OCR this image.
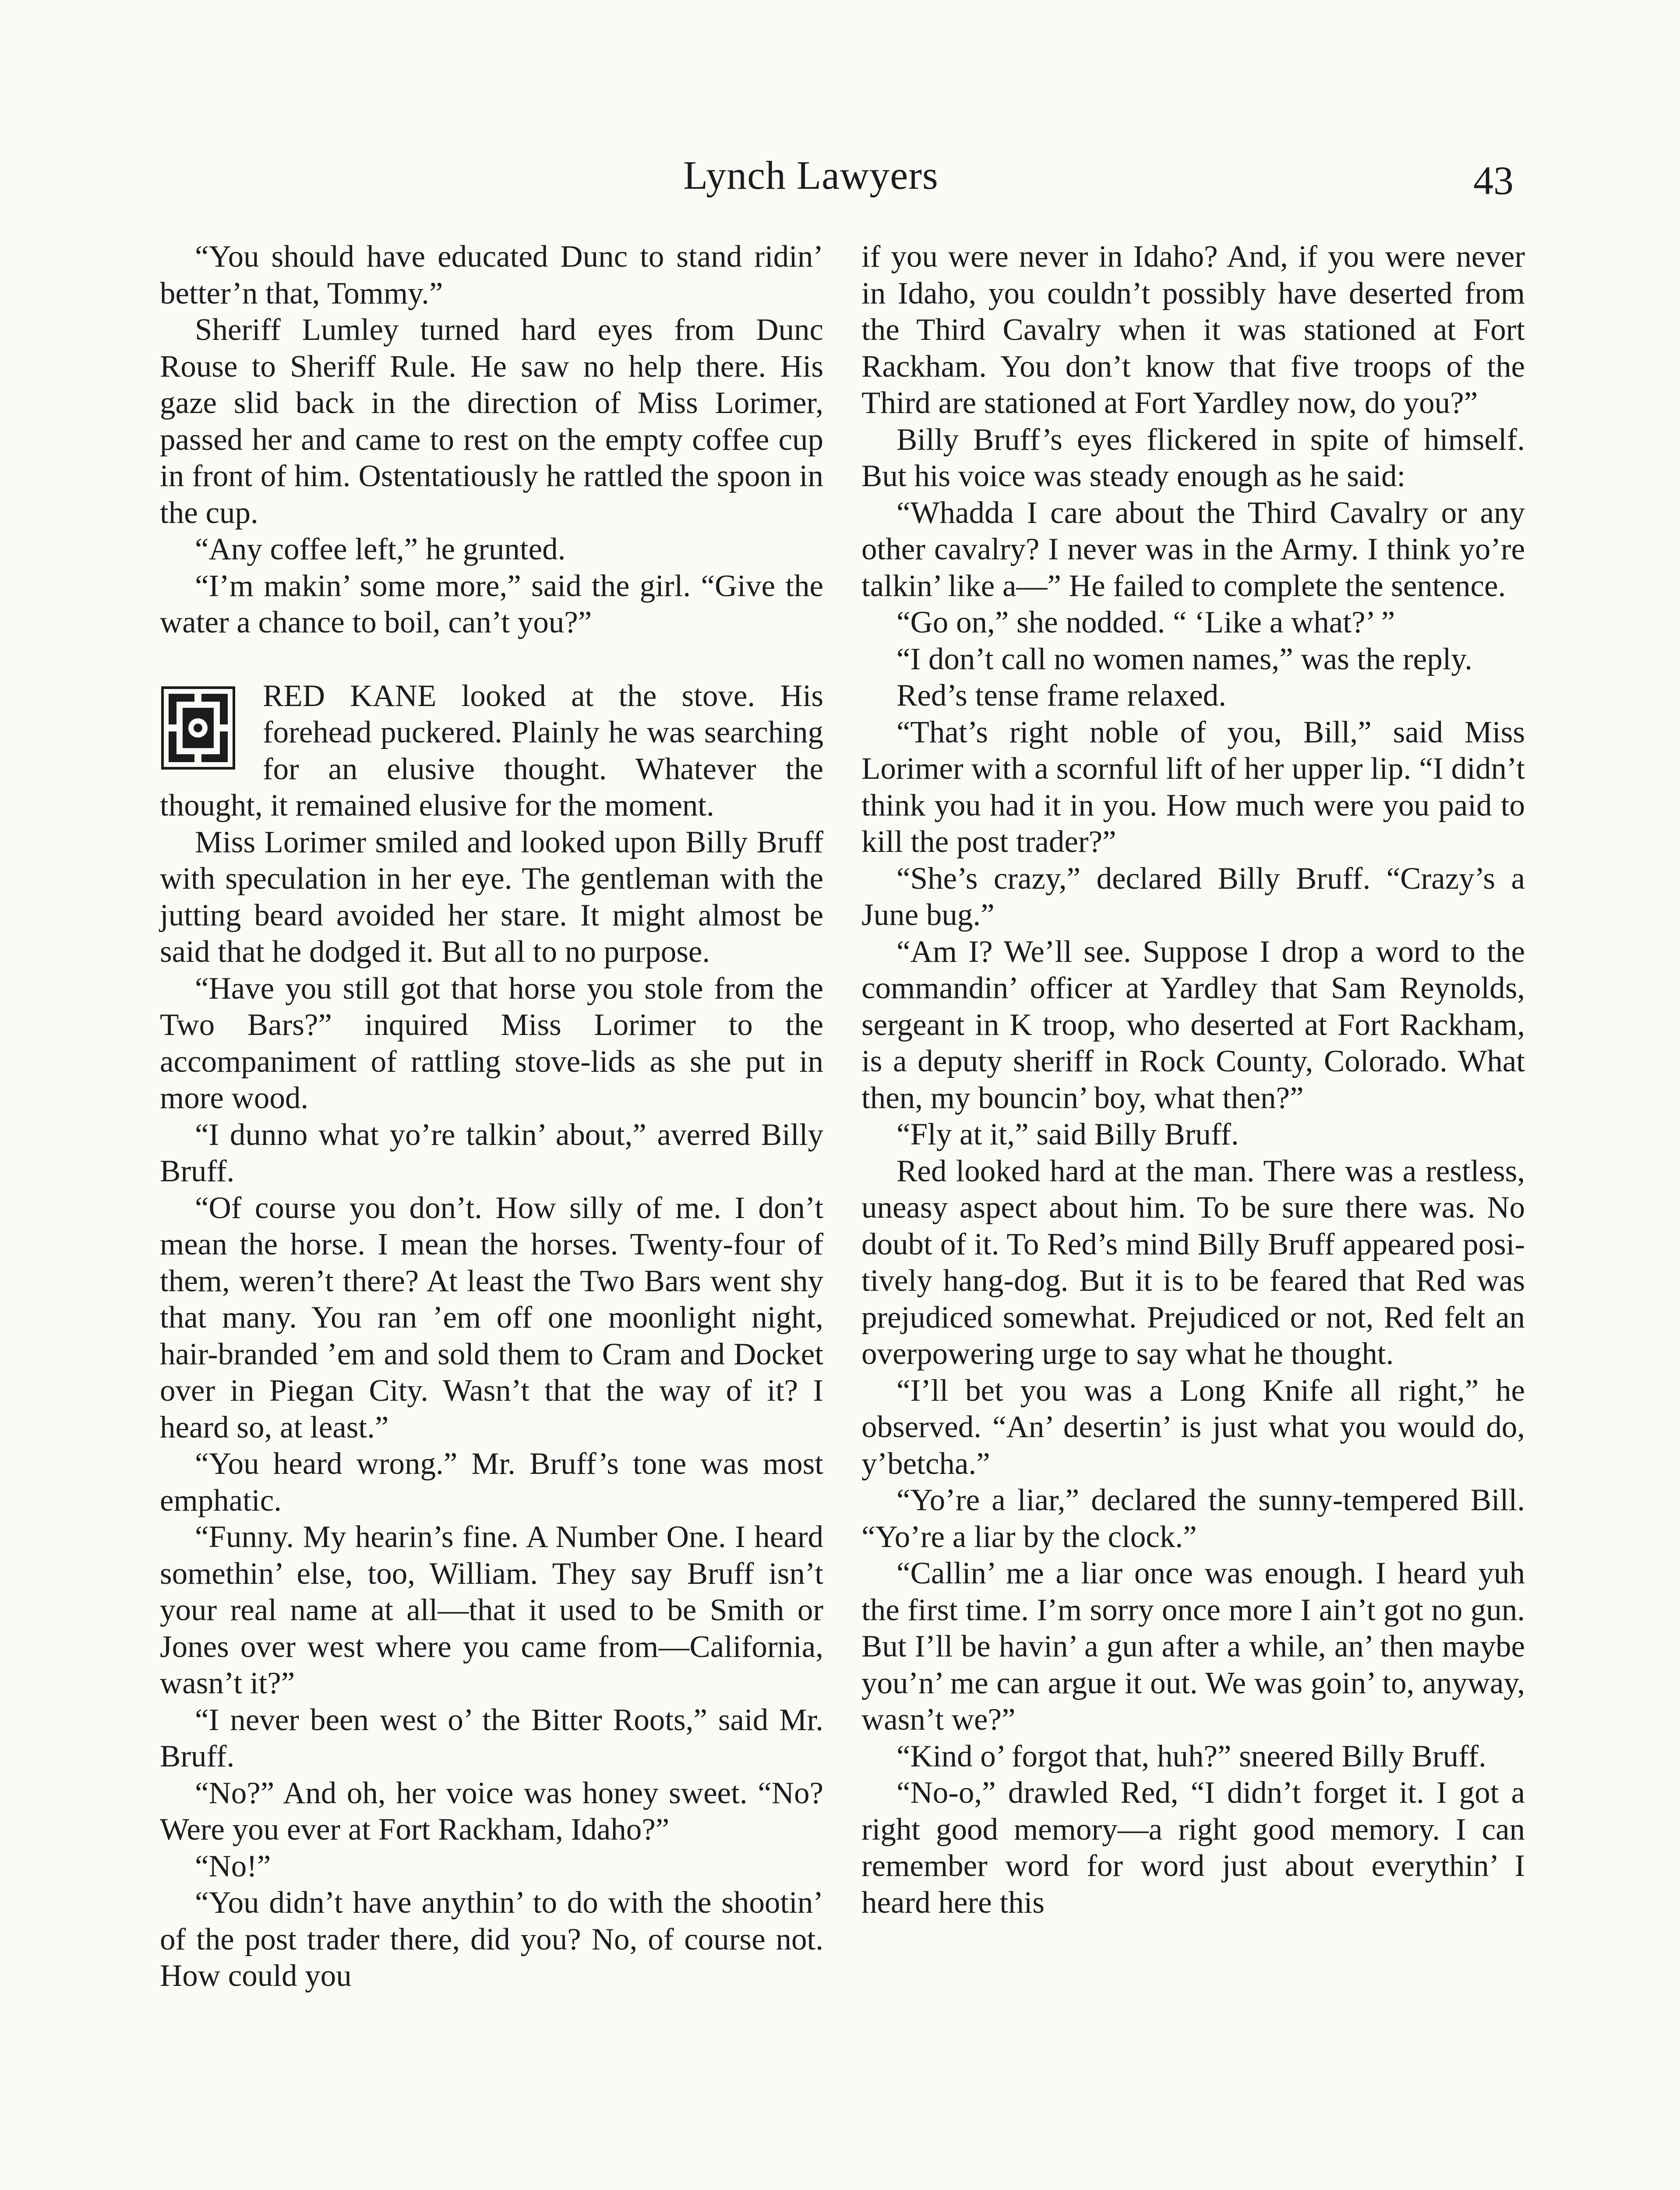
Lynch Lawyers	43

“You should have educated Dunc to stand ridin’ better’n that, Tommy.”

Sheriff Lumley turned hard eyes from Dunc Rouse to Sheriff Rule. He saw no help there. His gaze slid back in the direction of Miss Lorimer, passed her and came to rest on the empty coffee cup in front of him. Ostentatiously he rattled the spoon in the cup.

“Any coffee left,” he grunted.

“I’m makin’ some more,” said the girl. “Give the water a chance to boil, can’t you?”

RED KANE looked at the stove. His forehead puckered. Plainly he was searching for an elusive thought. Whatever the thought, it remained elusive for the moment.

Miss Lorimer smiled and looked upon Billy Bruff with speculation in her eye. The gentleman with the jutting beard avoided her stare. It might almost be said that he dodged it. But all to no purpose.

“Have you still got that horse you stole from the Two Bars?” inquired Miss Lorimer to the accompaniment of rattling stove-lids as she put in more wood.

“I dunno what yo’re talkin’ about,” averred Billy Bruff.

“Of course you don’t. How silly of me. I don’t mean the horse. I mean the horses. Twenty-four of them, weren’t there? At least the Two Bars went shy that many. You ran ’em off one moonlight night, hair-branded ’em and sold them to Cram and Docket over in Piegan City. Wasn’t that the way of it? I heard so, at least.”

“You heard wrong.” Mr. Bruff’s tone was most emphatic.

“Funny. My hearin’s fine. A Number One. I heard somethin’ else, too, William. They say Bruff isn’t your real name at all—that it used to be Smith or Jones over west where you came from—California, wasn’t it?”

“I never been west o’ the Bitter Roots,” said Mr. Bruff.

“No?” And oh, her voice was honey sweet. “No? Were you ever at Fort Rackham, Idaho?”

“No!”

“You didn’t have anythin’ to do with the shootin’ of the post trader there, did you? No, of course not. How could you

if you were never in Idaho? And, if you were never in Idaho, you couldn’t possibly have deserted from the Third Cavalry when it was stationed at Fort Rackham. You don’t know that five troops of the Third are stationed at Fort Yardley now, do you?”

Billy Bruff’s eyes flickered in spite of himself. But his voice was steady enough as he said:

“Whadda I care about the Third Cavalry or any other cavalry? I never was in the Army. I think yo’re talkin’ like a—” He failed to complete the sentence.

“Go on,” she nodded. “ ‘Like a what?’ ”

“I don’t call no women names,” was the reply.

Red’s tense frame relaxed.

“That’s right noble of you, Bill,” said Miss Lorimer with a scornful lift of her upper lip. “I didn’t think you had it in you. How much were you paid to kill the post trader?”

“She’s crazy,” declared Billy Bruff. “Crazy’s a June bug.”

“Am I? We’ll see. Suppose I drop a word to the commandin’ officer at Yardley that Sam Reynolds, sergeant in K troop, who deserted at Fort Rackham, is a deputy sheriff in Rock County, Colorado. What then, my bouncin’ boy, what then?”

“Fly at it,” said Billy Bruff.

Red looked hard at the man. There was a restless, uneasy aspect about him. To be sure there was. No doubt of it. To Red’s mind Billy Bruff appeared positively hang-dog. But it is to be feared that Red was prejudiced somewhat. Prejudiced or not, Red felt an overpowering urge to say what he thought.

“I’ll bet you was a Long Knife all right,” he observed. “An’ desertin’ is just what you would do, y’betcha.”

“Yo’re a liar,” declared the sunny-tempered Bill. “Yo’re a liar by the clock.”

“Callin’ me a liar once was enough. I heard yuh the first time. I’m sorry once more I ain’t got no gun. But I’ll be havin’ a gun after a while, an’ then maybe you’n’ me can argue it out. We was goin’ to, anyway, wasn’t we?”

“Kind o’ forgot that, huh?” sneered Billy Bruff.

“No-o,” drawled Red, “I didn’t forget it. I got a right good memory—a right good memory. I can remember word for word just about everythin’ I heard here this
